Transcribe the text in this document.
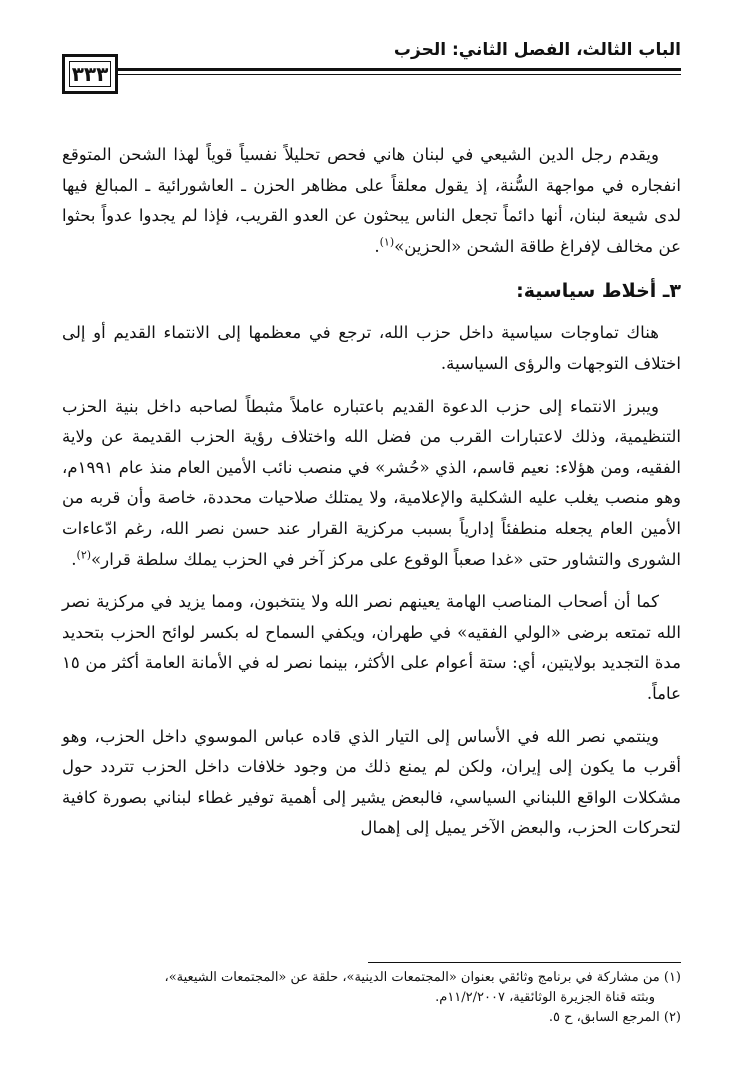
٣٣٣
الباب الثالث، الفصل الثاني: الحزب

ويقدم رجل الدين الشيعي في لبنان هاني فحص تحليلاً نفسياً قوياً لهذا الشحن المتوقع انفجاره في مواجهة السُّنة، إذ يقول معلقاً على مظاهر الحزن ـ العاشورائية ـ المبالغ فيها لدى شيعة لبنان، أنها دائماً تجعل الناس يبحثون عن العدو القريب، فإذا لم يجدوا عدواً بحثوا عن مخالف لإفراغ طاقة الشحن «الحزين»$^{(١)}$.

٣ـ أخلاط سياسية:

هناك تماوجات سياسية داخل حزب الله، ترجع في معظمها إلى الانتماء القديم أو إلى اختلاف التوجهات والرؤى السياسية.

ويبرز الانتماء إلى حزب الدعوة القديم باعتباره عاملاً مثبطاً لصاحبه داخل بنية الحزب التنظيمية، وذلك لاعتبارات القرب من فضل الله واختلاف رؤية الحزب القديمة عن ولاية الفقيه، ومن هؤلاء: نعيم قاسم، الذي «حُشر» في منصب نائب الأمين العام منذ عام ١٩٩١م، وهو منصب يغلب عليه الشكلية والإعلامية، ولا يمتلك صلاحيات محددة، خاصة وأن قربه من الأمين العام يجعله منطفئاً إدارياً بسبب مركزية القرار عند حسن نصر الله، رغم ادّعاءات الشورى والتشاور حتى «غدا صعباً الوقوع على مركز آخر في الحزب يملك سلطة قرار»$^{(٢)}$.

كما أن أصحاب المناصب الهامة يعينهم نصر الله ولا ينتخبون، ومما يزيد في مركزية نصر الله تمتعه برضى «الولي الفقيه» في طهران، ويكفي السماح له بكسر لوائح الحزب بتحديد مدة التجديد بولايتين، أي: ستة أعوام على الأكثر، بينما نصر له في الأمانة العامة أكثر من ١٥ عاماً.

وينتمي نصر الله في الأساس إلى التيار الذي قاده عباس الموسوي داخل الحزب، وهو أقرب ما يكون إلى إيران، ولكن لم يمنع ذلك من وجود خلافات داخل الحزب تتردد حول مشكلات الواقع اللبناني السياسي، فالبعض يشير إلى أهمية توفير غطاء لبناني بصورة كافية لتحركات الحزب، والبعض الآخر يميل إلى إهمال

(١) من مشاركة في برنامج وثائقي بعنوان «المجتمعات الدينية»، حلقة عن «المجتمعات الشيعية»،
وبثته قناة الجزيرة الوثائقية، ١١/٢/٢٠٠٧م.
(٢) المرجع السابق، ح ٥.
